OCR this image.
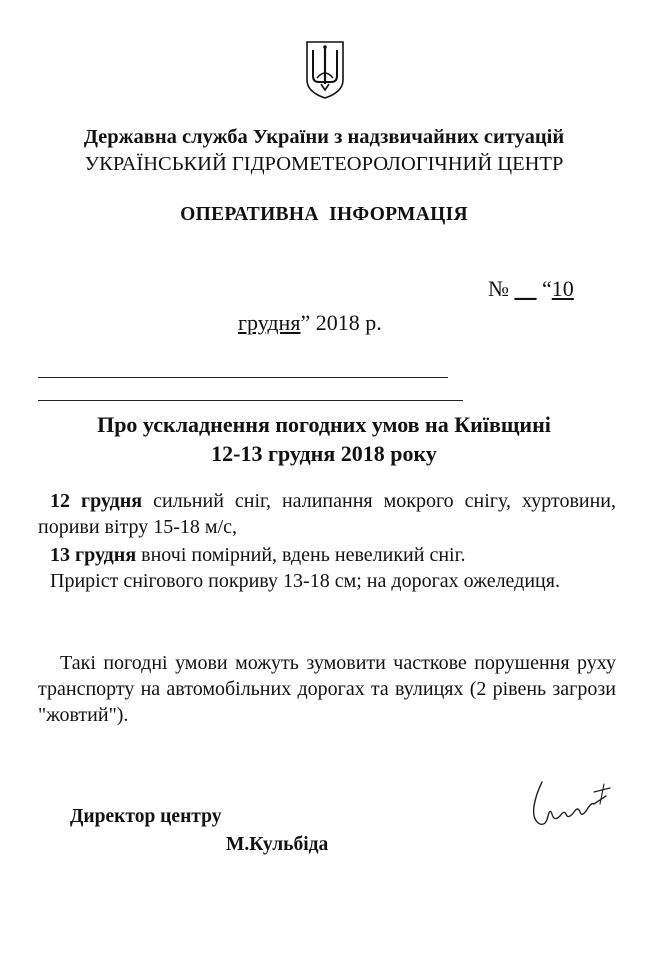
Державна служба України з надзвичайних ситуацій
УКРАЇНСЬКИЙ ГІДРОМЕТЕОРОЛОГІЧНИЙ ЦЕНТР
ОПЕРАТИВНА  ІНФОРМАЦІЯ
№ __ “10
грудня” 2018 р.
Про ускладнення погодних умов на Київщині
12-13 грудня 2018 року
12 грудня сильний сніг, налипання мокрого снігу, хуртовини, пориви вітру 15-18 м/с,
13 грудня вночі помірний, вдень невеликий сніг.
Приріст снігового покриву 13-18 см; на дорогах ожеледиця.
Такі погодні умови можуть зумовити часткове порушення руху транспорту на автомобільних дорогах та вулицях (2 рівень загрози "жовтий").
Директор центру
М.Кульбіда
